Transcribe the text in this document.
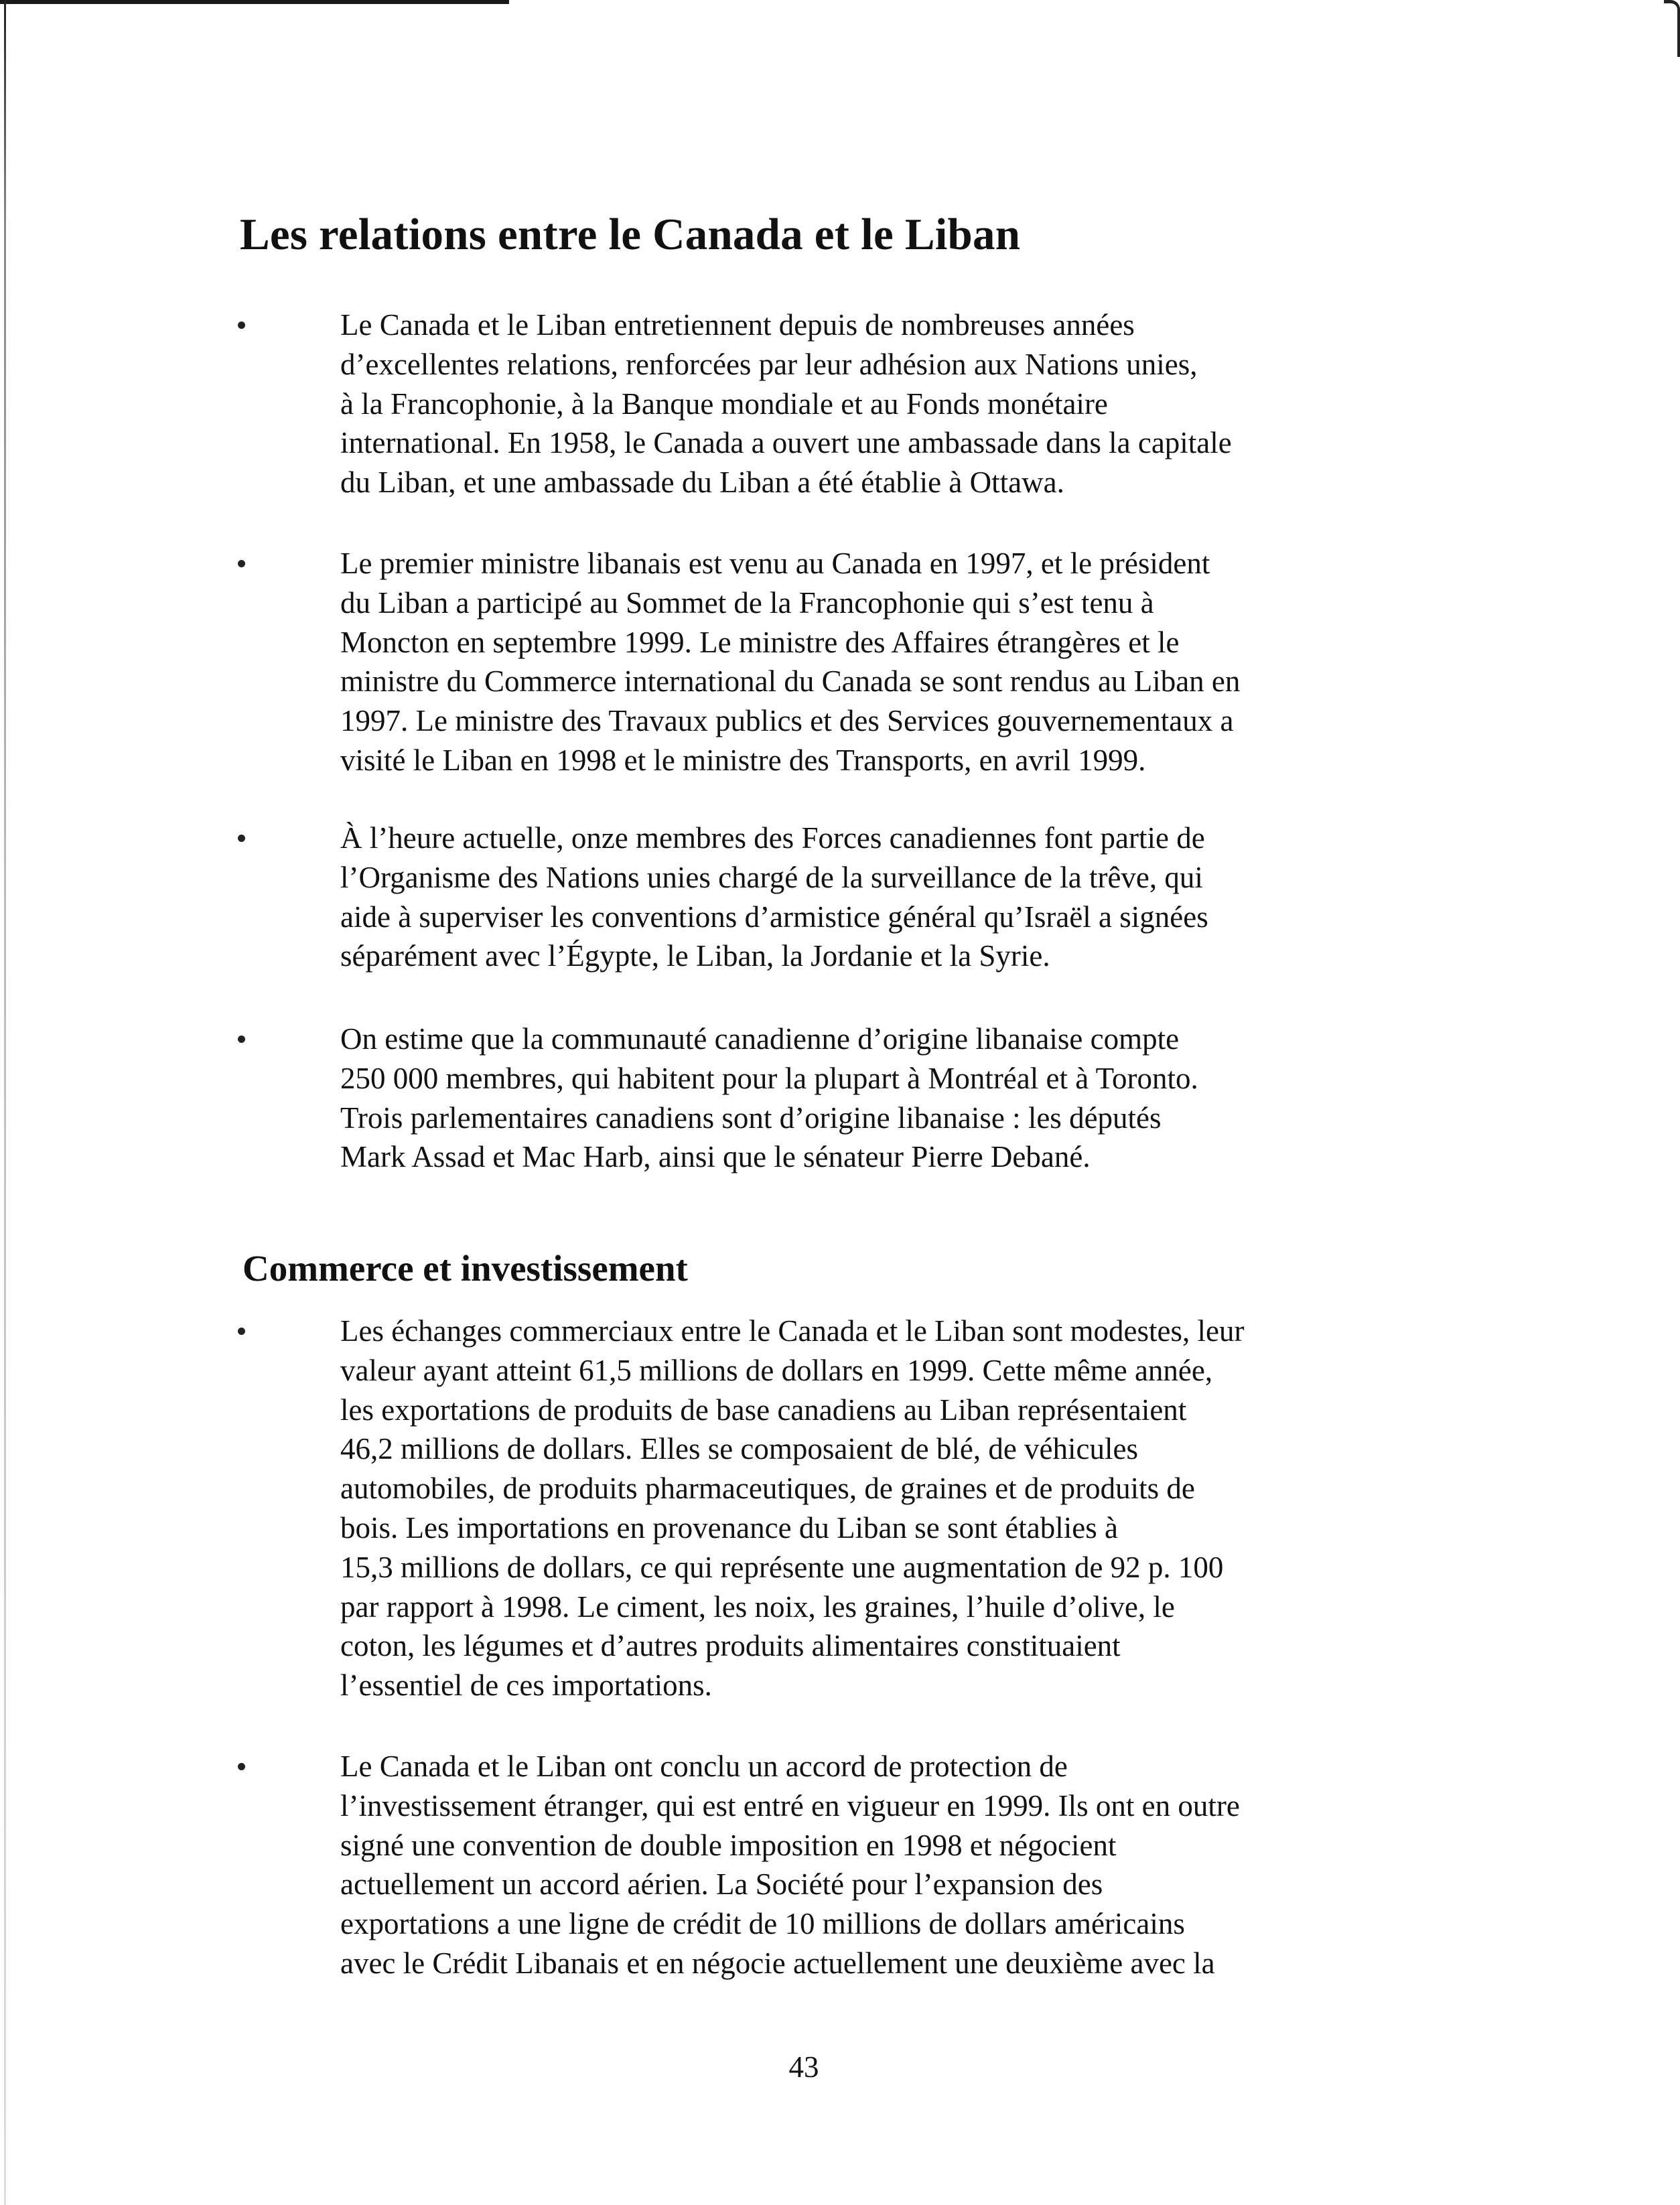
Les relations entre le Canada et le Liban

Le Canada et le Liban entretiennent depuis de nombreuses années
d’excellentes relations, renforcées par leur adhésion aux Nations unies,
à la Francophonie, à la Banque mondiale et au Fonds monétaire
international. En 1958, le Canada a ouvert une ambassade dans la capitale
du Liban, et une ambassade du Liban a été établie à Ottawa.

Le premier ministre libanais est venu au Canada en 1997, et le président
du Liban a participé au Sommet de la Francophonie qui s’est tenu à
Moncton en septembre 1999. Le ministre des Affaires étrangères et le
ministre du Commerce international du Canada se sont rendus au Liban en
1997. Le ministre des Travaux publics et des Services gouvernementaux a
visité le Liban en 1998 et le ministre des Transports, en avril 1999.

À l’heure actuelle, onze membres des Forces canadiennes font partie de
l’Organisme des Nations unies chargé de la surveillance de la trêve, qui
aide à superviser les conventions d’armistice général qu’Israël a signées
séparément avec l’Égypte, le Liban, la Jordanie et la Syrie.

On estime que la communauté canadienne d’origine libanaise compte
250 000 membres, qui habitent pour la plupart à Montréal et à Toronto.
Trois parlementaires canadiens sont d’origine libanaise : les députés
Mark Assad et Mac Harb, ainsi que le sénateur Pierre Debané.

Commerce et investissement

Les échanges commerciaux entre le Canada et le Liban sont modestes, leur
valeur ayant atteint 61,5 millions de dollars en 1999. Cette même année,
les exportations de produits de base canadiens au Liban représentaient
46,2 millions de dollars. Elles se composaient de blé, de véhicules
automobiles, de produits pharmaceutiques, de graines et de produits de
bois. Les importations en provenance du Liban se sont établies à
15,3 millions de dollars, ce qui représente une augmentation de 92 p. 100
par rapport à 1998. Le ciment, les noix, les graines, l’huile d’olive, le
coton, les légumes et d’autres produits alimentaires constituaient
l’essentiel de ces importations.

Le Canada et le Liban ont conclu un accord de protection de
l’investissement étranger, qui est entré en vigueur en 1999. Ils ont en outre
signé une convention de double imposition en 1998 et négocient
actuellement un accord aérien. La Société pour l’expansion des
exportations a une ligne de crédit de 10 millions de dollars américains
avec le Crédit Libanais et en négocie actuellement une deuxième avec la

43
